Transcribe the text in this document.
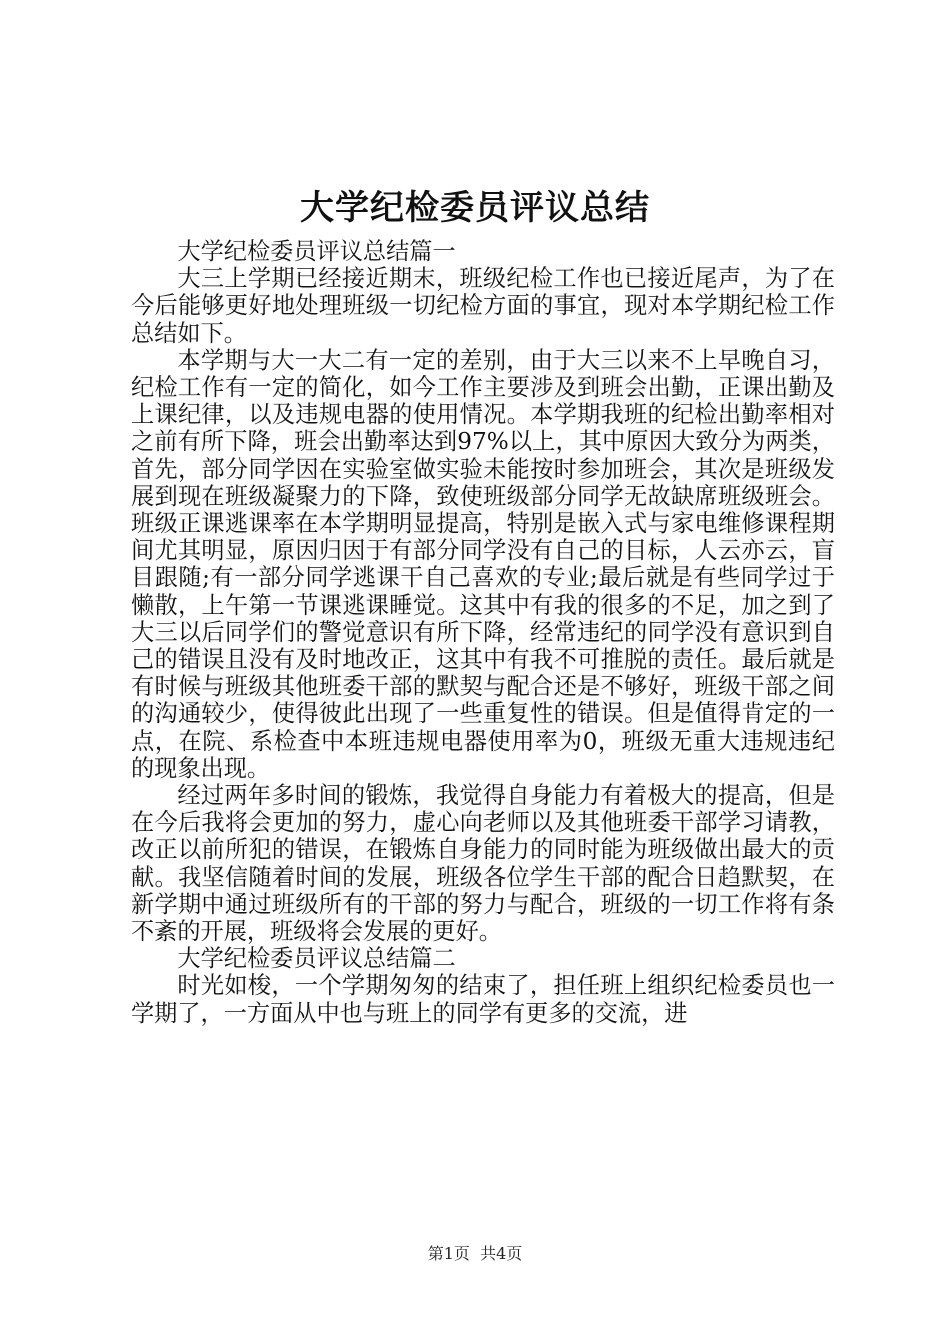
大学纪检委员评议总结

大学纪检委员评议总结篇一

大三上学期已经接近期末，班级纪检工作也已接近尾声，为了在今后能够更好地处理班级一切纪检方面的事宜，现对本学期纪检工作总结如下。

本学期与大一大二有一定的差别，由于大三以来不上早晚自习，纪检工作有一定的简化，如今工作主要涉及到班会出勤，正课出勤及上课纪律，以及违规电器的使用情况。本学期我班的纪检出勤率相对之前有所下降，班会出勤率达到97%以上，其中原因大致分为两类，首先，部分同学因在实验室做实验未能按时参加班会，其次是班级发展到现在班级凝聚力的下降，致使班级部分同学无故缺席班级班会。班级正课逃课率在本学期明显提高，特别是嵌入式与家电维修课程期间尤其明显，原因归因于有部分同学没有自己的目标，人云亦云，盲目跟随;有一部分同学逃课干自己喜欢的专业;最后就是有些同学过于懒散，上午第一节课逃课睡觉。这其中有我的很多的不足，加之到了大三以后同学们的警觉意识有所下降，经常违纪的同学没有意识到自己的错误且没有及时地改正，这其中有我不可推脱的责任。最后就是有时候与班级其他班委干部的默契与配合还是不够好，班级干部之间的沟通较少，使得彼此出现了一些重复性的错误。但是值得肯定的一点，在院、系检查中本班违规电器使用率为0，班级无重大违规违纪的现象出现。

经过两年多时间的锻炼，我觉得自身能力有着极大的提高，但是在今后我将会更加的努力，虚心向老师以及其他班委干部学习请教，改正以前所犯的错误，在锻炼自身能力的同时能为班级做出最大的贡献。我坚信随着时间的发展，班级各位学生干部的配合日趋默契，在新学期中通过班级所有的干部的努力与配合，班级的一切工作将有条不紊的开展，班级将会发展的更好。

大学纪检委员评议总结篇二

时光如梭，一个学期匆匆的结束了，担任班上组织纪检委员也一学期了，一方面从中也与班上的同学有更多的交流，进

第1页 共4页
